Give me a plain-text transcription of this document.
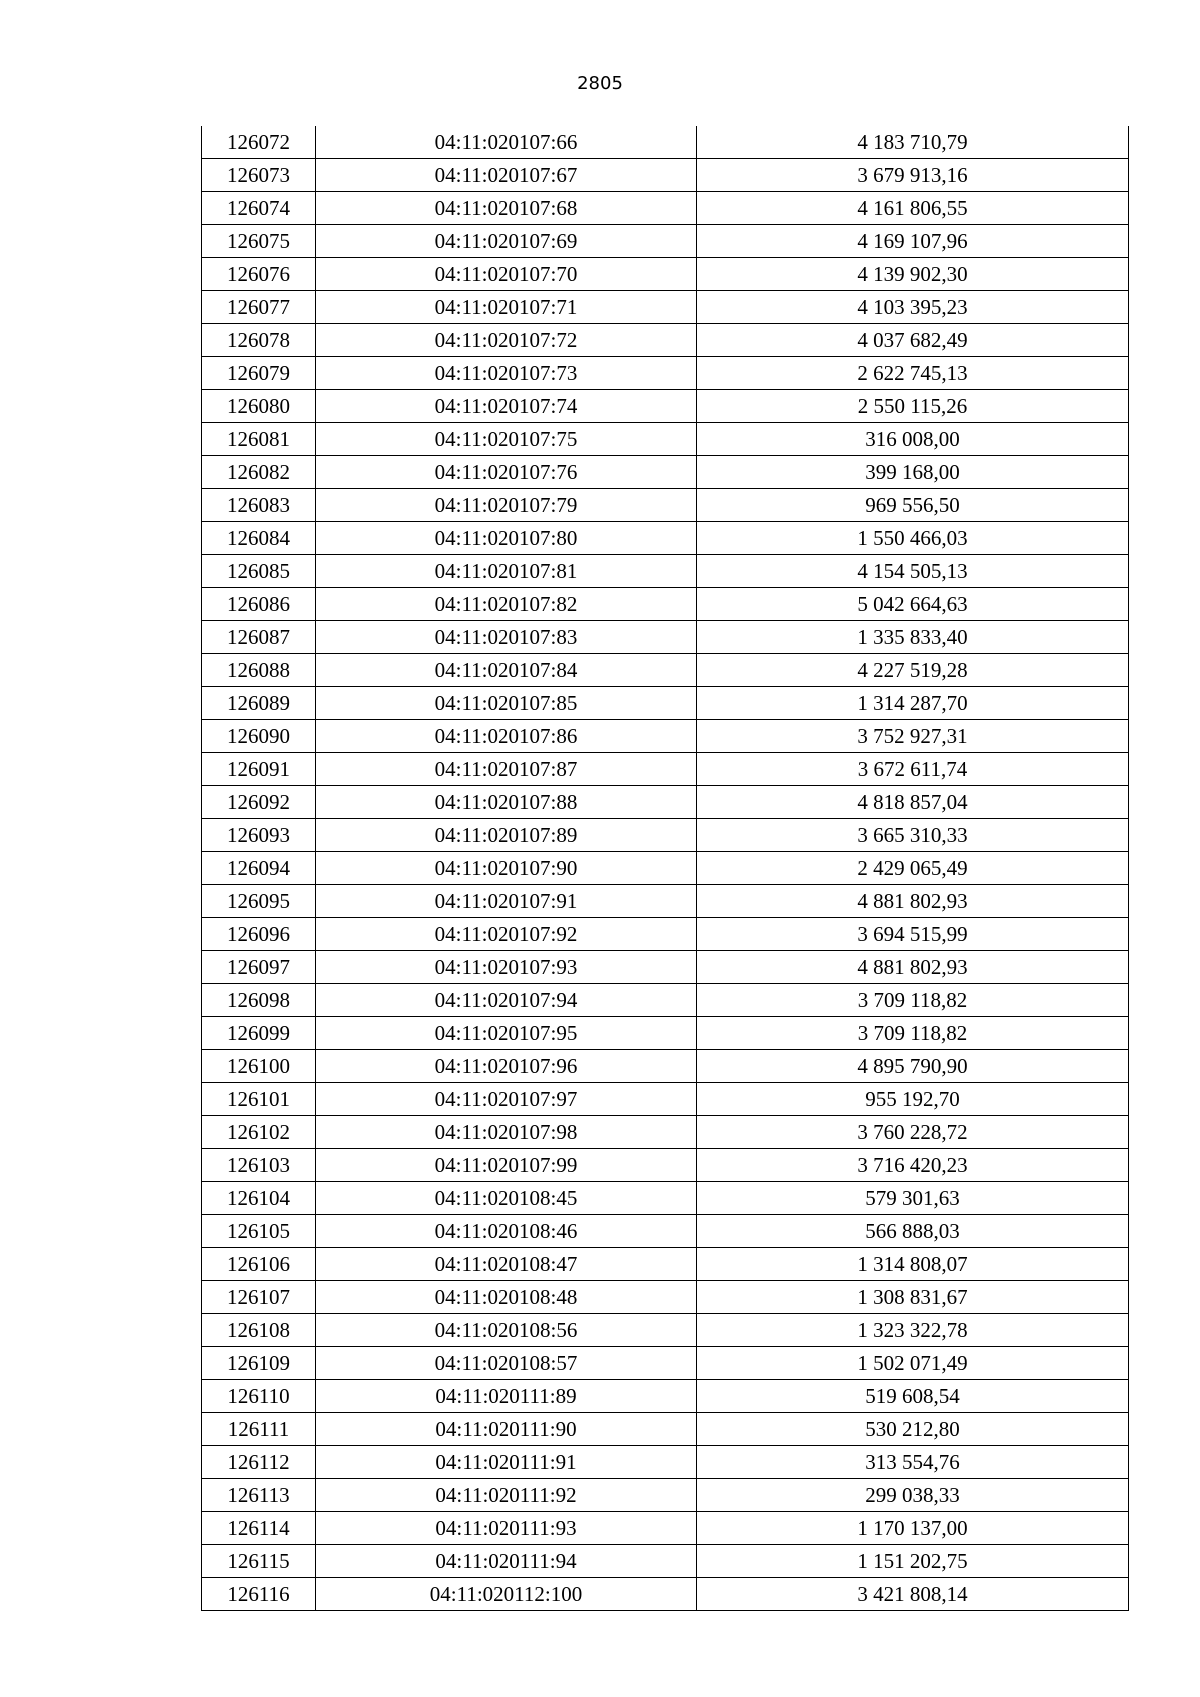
2805
126072	04:11:020107:66	4 183 710,79
126073	04:11:020107:67	3 679 913,16
126074	04:11:020107:68	4 161 806,55
126075	04:11:020107:69	4 169 107,96
126076	04:11:020107:70	4 139 902,30
126077	04:11:020107:71	4 103 395,23
126078	04:11:020107:72	4 037 682,49
126079	04:11:020107:73	2 622 745,13
126080	04:11:020107:74	2 550 115,26
126081	04:11:020107:75	316 008,00
126082	04:11:020107:76	399 168,00
126083	04:11:020107:79	969 556,50
126084	04:11:020107:80	1 550 466,03
126085	04:11:020107:81	4 154 505,13
126086	04:11:020107:82	5 042 664,63
126087	04:11:020107:83	1 335 833,40
126088	04:11:020107:84	4 227 519,28
126089	04:11:020107:85	1 314 287,70
126090	04:11:020107:86	3 752 927,31
126091	04:11:020107:87	3 672 611,74
126092	04:11:020107:88	4 818 857,04
126093	04:11:020107:89	3 665 310,33
126094	04:11:020107:90	2 429 065,49
126095	04:11:020107:91	4 881 802,93
126096	04:11:020107:92	3 694 515,99
126097	04:11:020107:93	4 881 802,93
126098	04:11:020107:94	3 709 118,82
126099	04:11:020107:95	3 709 118,82
126100	04:11:020107:96	4 895 790,90
126101	04:11:020107:97	955 192,70
126102	04:11:020107:98	3 760 228,72
126103	04:11:020107:99	3 716 420,23
126104	04:11:020108:45	579 301,63
126105	04:11:020108:46	566 888,03
126106	04:11:020108:47	1 314 808,07
126107	04:11:020108:48	1 308 831,67
126108	04:11:020108:56	1 323 322,78
126109	04:11:020108:57	1 502 071,49
126110	04:11:020111:89	519 608,54
126111	04:11:020111:90	530 212,80
126112	04:11:020111:91	313 554,76
126113	04:11:020111:92	299 038,33
126114	04:11:020111:93	1 170 137,00
126115	04:11:020111:94	1 151 202,75
126116	04:11:020112:100	3 421 808,14
